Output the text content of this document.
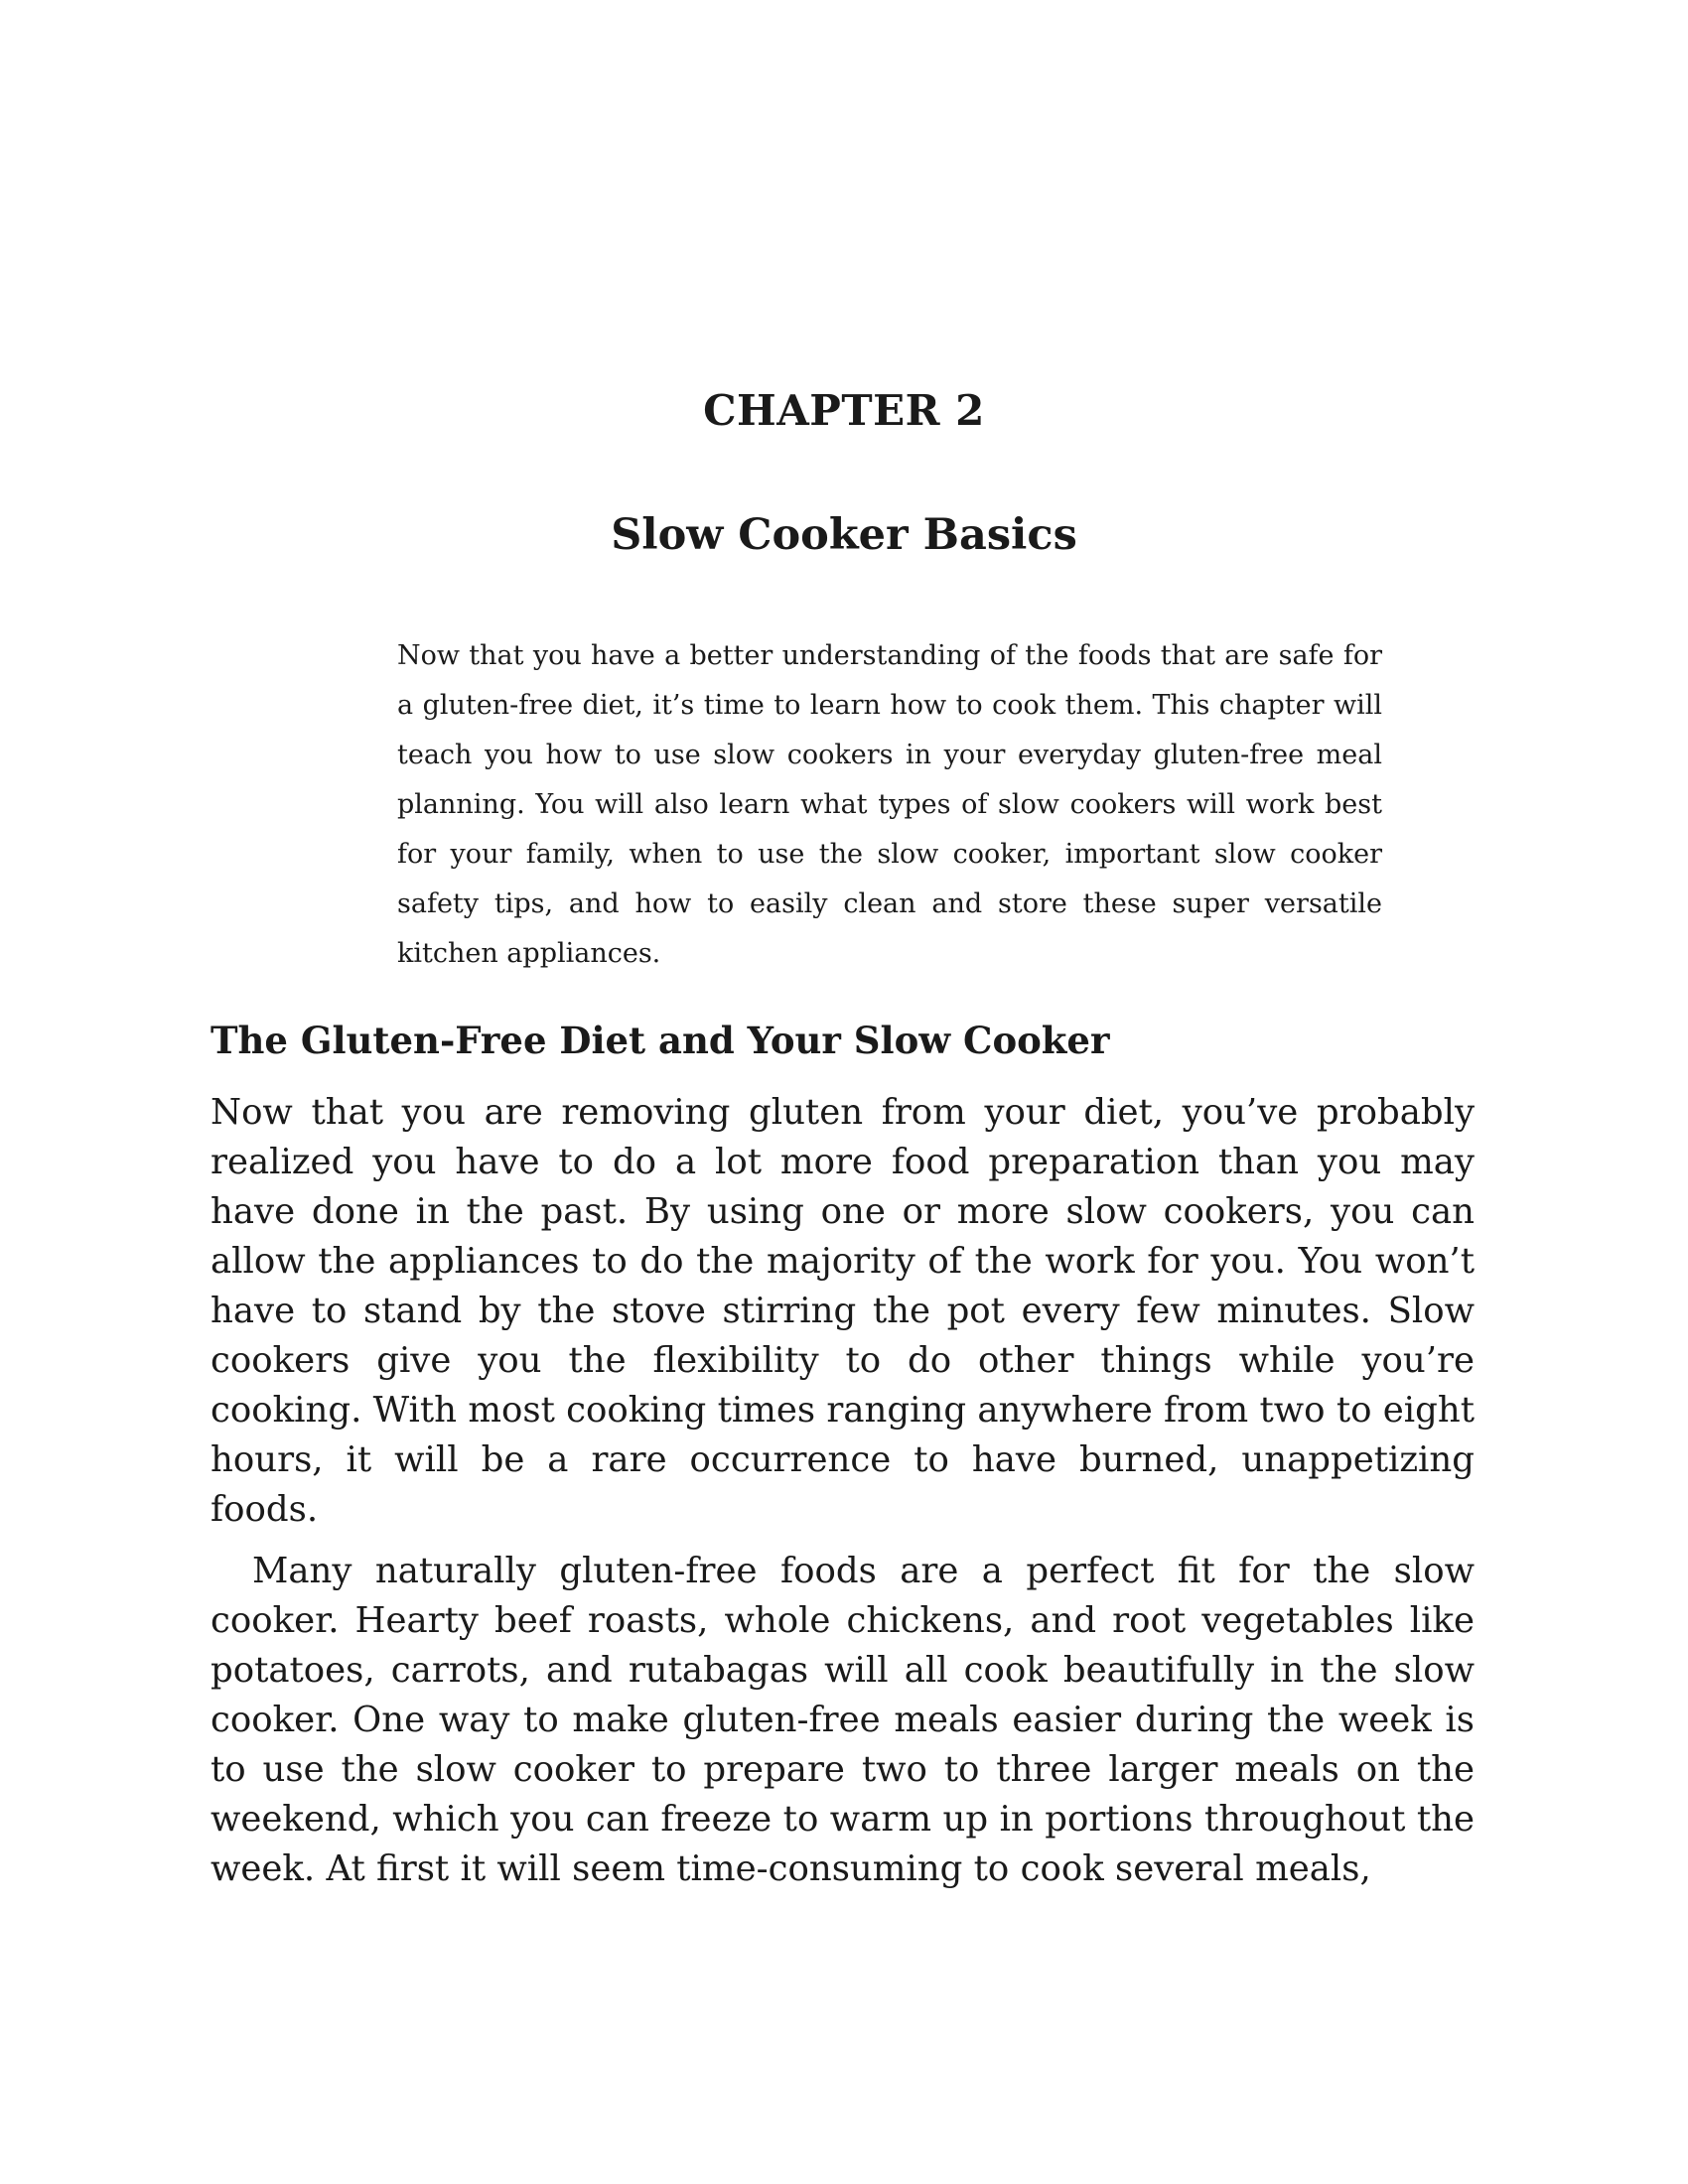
CHAPTER 2
Slow Cooker Basics

Now that you have a better understanding of the foods that are safe for a gluten-free diet, it’s time to learn how to cook them. This chapter will teach you how to use slow cookers in your everyday gluten-free meal planning. You will also learn what types of slow cookers will work best for your family, when to use the slow cooker, important slow cooker safety tips, and how to easily clean and store these super versatile kitchen appliances.

The Gluten-Free Diet and Your Slow Cooker

Now that you are removing gluten from your diet, you’ve probably realized you have to do a lot more food preparation than you may have done in the past. By using one or more slow cookers, you can allow the appliances to do the majority of the work for you. You won’t have to stand by the stove stirring the pot every few minutes. Slow cookers give you the flexibility to do other things while you’re cooking. With most cooking times ranging anywhere from two to eight hours, it will be a rare occurrence to have burned, unappetizing foods.

Many naturally gluten-free foods are a perfect fit for the slow cooker. Hearty beef roasts, whole chickens, and root vegetables like potatoes, carrots, and rutabagas will all cook beautifully in the slow cooker. One way to make gluten-free meals easier during the week is to use the slow cooker to prepare two to three larger meals on the weekend, which you can freeze to warm up in portions throughout the week. At first it will seem time-consuming to cook several meals,
